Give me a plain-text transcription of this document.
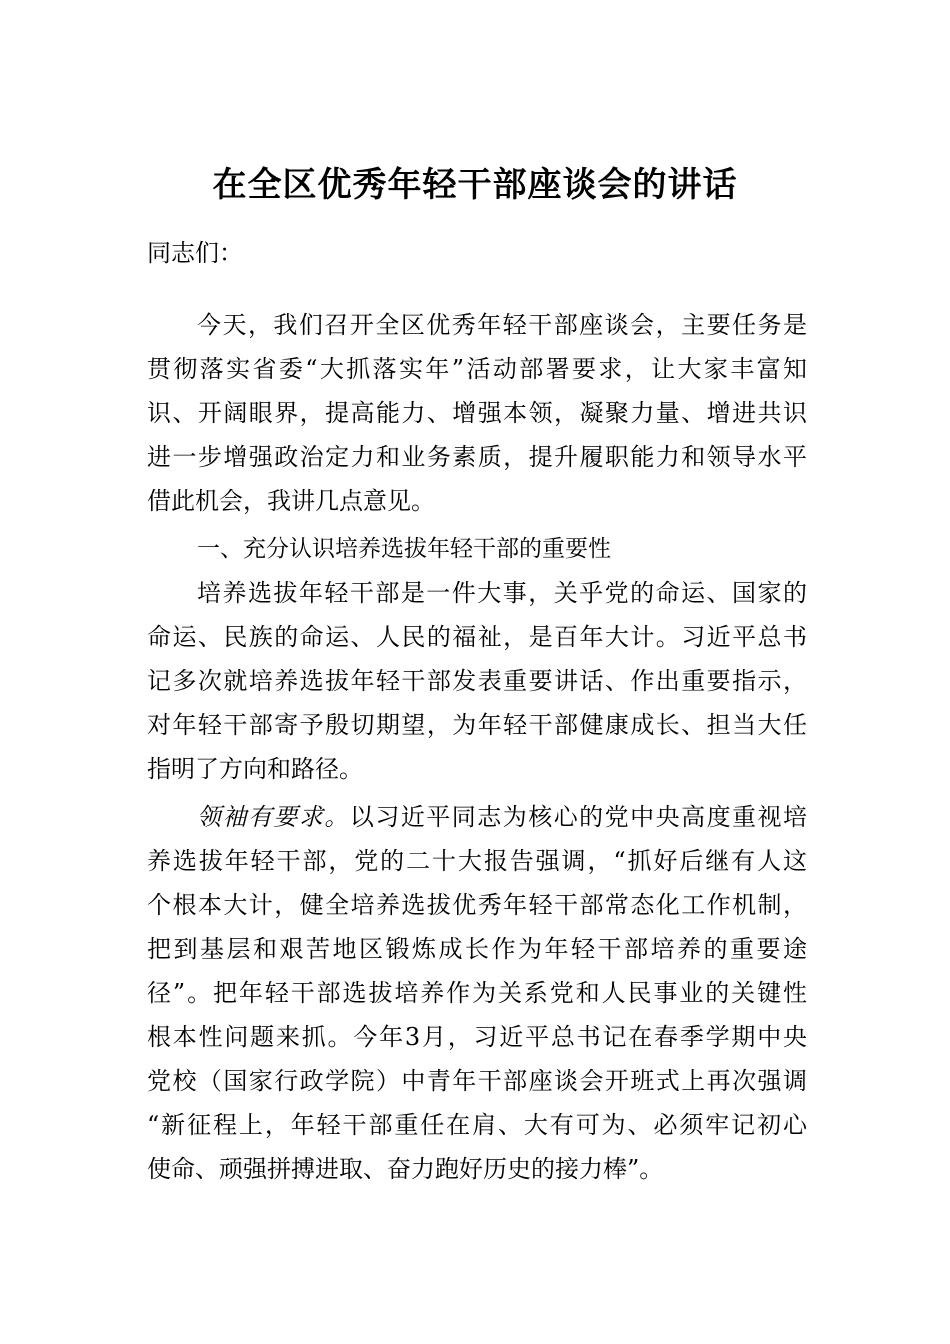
在全区优秀年轻干部座谈会的讲话
同志们：
今天，我们召开全区优秀年轻干部座谈会，主要任务是
贯彻落实省委“大抓落实年”活动部署要求，让大家丰富知
识、开阔眼界，提高能力、增强本领，凝聚力量、增进共识
进一步增强政治定力和业务素质，提升履职能力和领导水平
借此机会，我讲几点意见。
一、充分认识培养选拔年轻干部的重要性
培养选拔年轻干部是一件大事，关乎党的命运、国家的
命运、民族的命运、人民的福祉，是百年大计。习近平总书
记多次就培养选拔年轻干部发表重要讲话、作出重要指示，
对年轻干部寄予殷切期望，为年轻干部健康成长、担当大任
指明了方向和路径。
领袖有要求。以习近平同志为核心的党中央高度重视培
养选拔年轻干部，党的二十大报告强调，“抓好后继有人这
个根本大计，健全培养选拔优秀年轻干部常态化工作机制，
把到基层和艰苦地区锻炼成长作为年轻干部培养的重要途
径”。把年轻干部选拔培养作为关系党和人民事业的关键性
根本性问题来抓。今年3月，习近平总书记在春季学期中央
党校（国家行政学院）中青年干部座谈会开班式上再次强调
“新征程上，年轻干部重任在肩、大有可为、必须牢记初心
使命、顽强拼搏进取、奋力跑好历史的接力棒”。
